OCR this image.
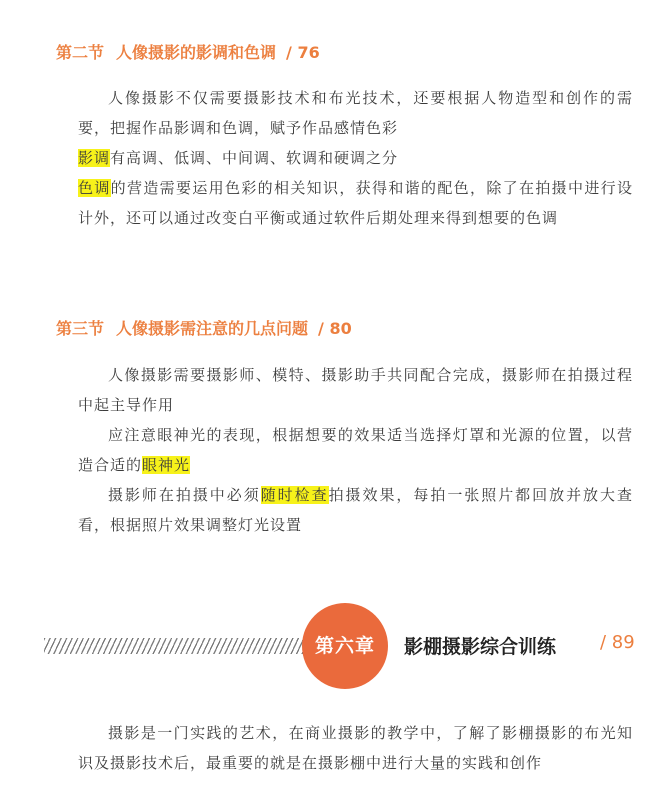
第二节 人像摄影的影调和色调 / 76

人像摄影不仅需要摄影技术和布光技术，还要根据人物造型和创作的需要，把握作品影调和色调，赋予作品感情色彩

影调有高调、低调、中间调、软调和硬调之分

色调的营造需要运用色彩的相关知识，获得和谐的配色，除了在拍摄中进行设计外，还可以通过改变白平衡或通过软件后期处理来得到想要的色调

第三节 人像摄影需注意的几点问题 / 80

人像摄影需要摄影师、模特、摄影助手共同配合完成，摄影师在拍摄过程中起主导作用

应注意眼神光的表现，根据想要的效果适当选择灯罩和光源的位置，以营造合适的眼神光

摄影师在拍摄中必须随时检查拍摄效果，每拍一张照片都回放并放大查看，根据照片效果调整灯光设置

第六章	影棚摄影综合训练 / 89

摄影是一门实践的艺术，在商业摄影的教学中，了解了影棚摄影的布光知识及摄影技术后，最重要的就是在摄影棚中进行大量的实践和创作
